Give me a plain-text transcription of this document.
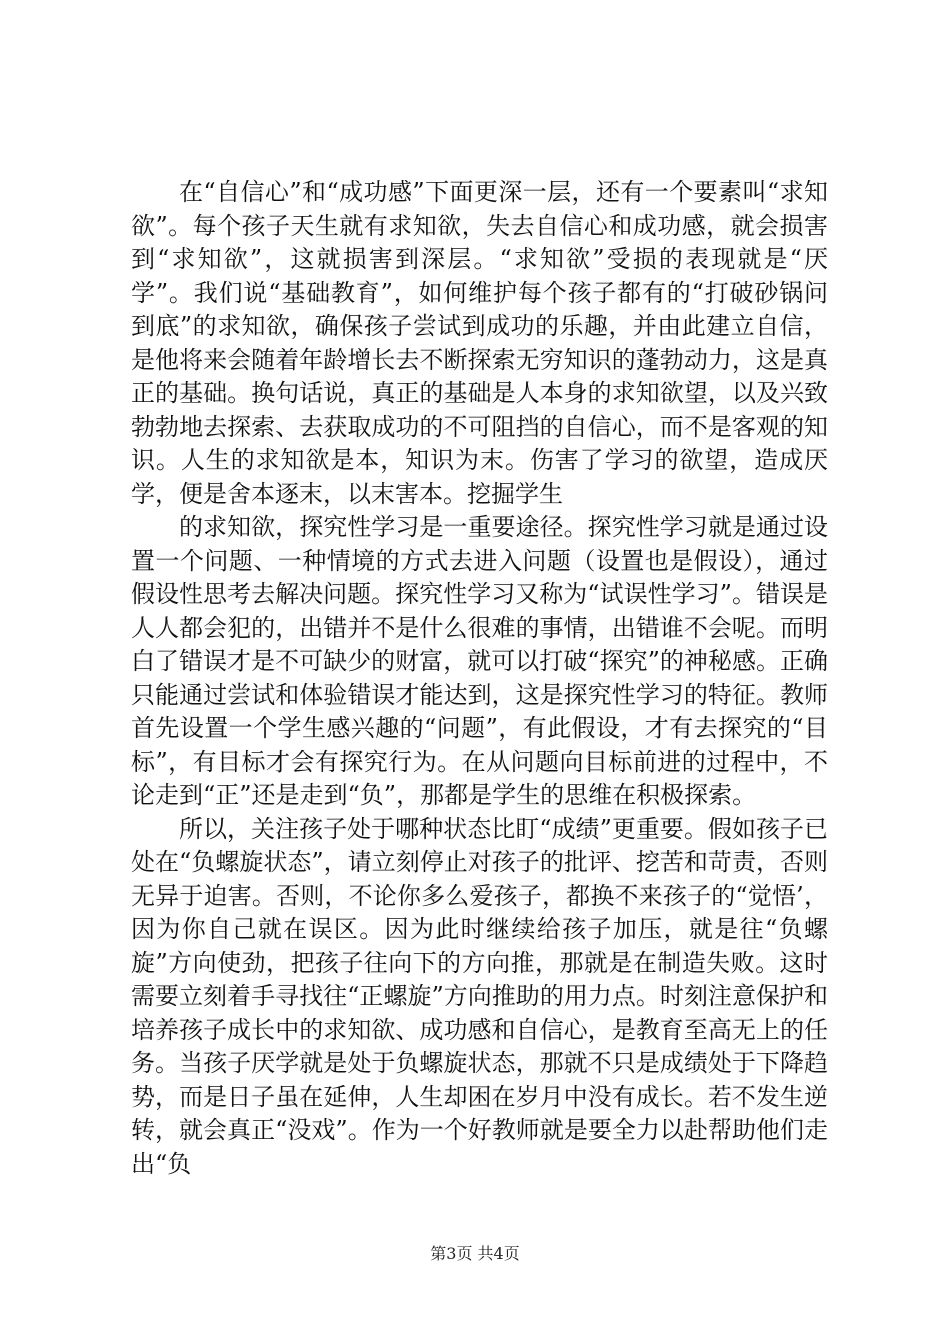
在“自信心”和“成功感”下面更深一层，还有一个要素叫“求知欲”。每个孩子天生就有求知欲，失去自信心和成功感，就会损害到“求知欲”，这就损害到深层。“求知欲”受损的表现就是“厌学”。我们说“基础教育”，如何维护每个孩子都有的“打破砂锅问到底”的求知欲，确保孩子尝试到成功的乐趣，并由此建立自信，是他将来会随着年龄增长去不断探索无穷知识的蓬勃动力，这是真正的基础。换句话说，真正的基础是人本身的求知欲望，以及兴致勃勃地去探索、去获取成功的不可阻挡的自信心，而不是客观的知识。人生的求知欲是本，知识为末。伤害了学习的欲望，造成厌学，便是舍本逐末，以末害本。挖掘学生

的求知欲，探究性学习是一重要途径。探究性学习就是通过设置一个问题、一种情境的方式去进入问题（设置也是假设），通过假设性思考去解决问题。探究性学习又称为“试误性学习”。错误是人人都会犯的，出错并不是什么很难的事情，出错谁不会呢。而明白了错误才是不可缺少的财富，就可以打破“探究”的神秘感。正确只能通过尝试和体验错误才能达到，这是探究性学习的特征。教师首先设置一个学生感兴趣的“问题”，有此假设，才有去探究的“目标”，有目标才会有探究行为。在从问题向目标前进的过程中，不论走到“正”还是走到“负”，那都是学生的思维在积极探索。

所以，关注孩子处于哪种状态比盯“成绩”更重要。假如孩子已处在“负螺旋状态”，请立刻停止对孩子的批评、挖苦和苛责，否则无异于迫害。否则，不论你多么爱孩子，都换不来孩子的“觉悟’，因为你自己就在误区。因为此时继续给孩子加压，就是往“负螺旋”方向使劲，把孩子往向下的方向推，那就是在制造失败。这时需要立刻着手寻找往“正螺旋”方向推助的用力点。时刻注意保护和培养孩子成长中的求知欲、成功感和自信心，是教育至高无上的任务。当孩子厌学就是处于负螺旋状态，那就不只是成绩处于下降趋势，而是日子虽在延伸，人生却困在岁月中没有成长。若不发生逆转，就会真正“没戏”。作为一个好教师就是要全力以赴帮助他们走出“负

第3页 共4页
